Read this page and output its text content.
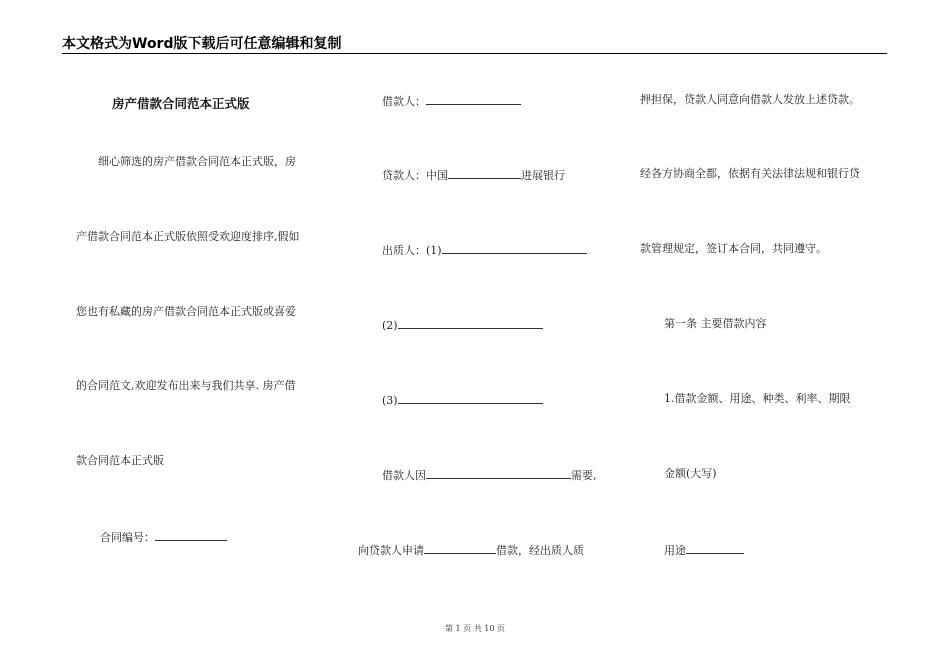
本文格式为Word版下载后可任意编辑和复制
房产借款合同范本正式版
细心筛选的房产借款合同范本正式版，房
产借款合同范本正式版依照受欢迎度排序,假如
您也有私藏的房产借款合同范本正式版或喜爱
的合同范文,欢迎发布出来与我们共享. 房产借
款合同范本正式版
合同编号：
借款人：
贷款人：中国	进展银行
出质人：(1)
(2)
(3)
借款人因	需要,
向贷款人申请	借款，经出质人质
押担保，贷款人同意向借款人发放上述贷款。
经各方协商全都，依据有关法律法规和银行贷
款管理规定，签订本合同，共同遵守。
第一条 主要借款内容
1.借款金额、用途、种类、利率、期限
金额(大写)
用途
第 1 页 共 10 页
